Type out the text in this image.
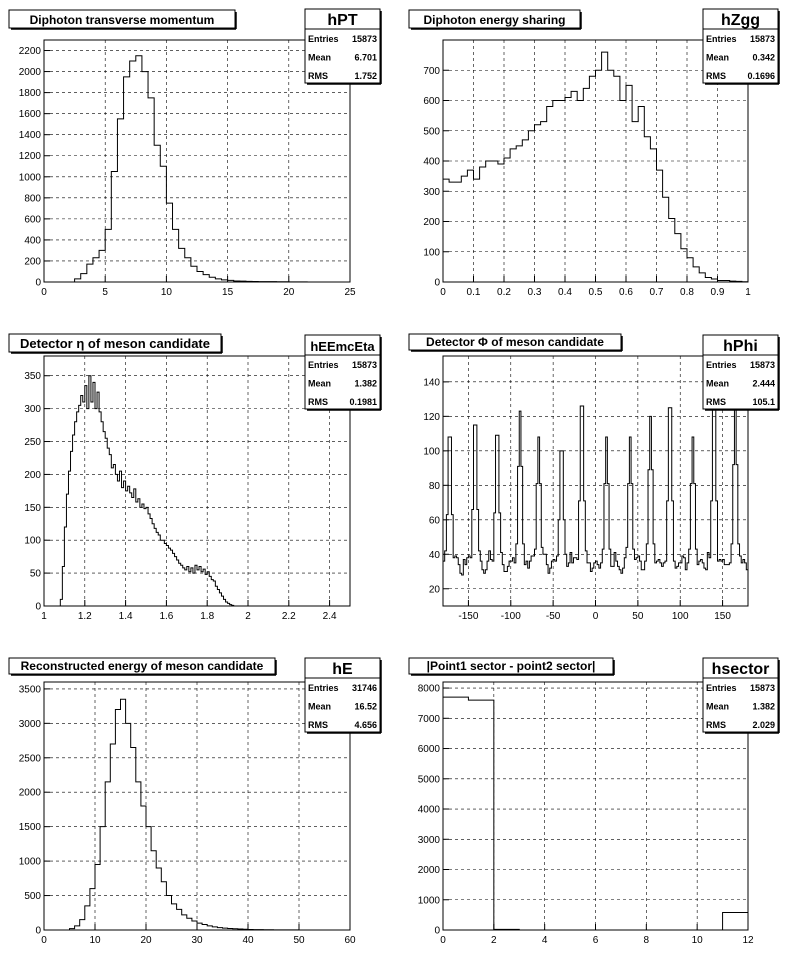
0	5	10	15	20	25
0
200
400
600
800
1000
1200
1400
1600
1800
2000
2200
Diphoton transverse momentum	hPT
Entries 15873
Mean	6.701
RMS	1.752
0 0.1 0.2 0.3 0.4 0.5 0.6 0.7 0.8 0.9 1
0
100
200
300
400
500
600
700
Diphoton energy sharing	hZgg
Entries 15873
Mean	0.342
RMS 0.1696
1	1.2	1.4	1.6	1.8	2	2.2	2.4
0
50
100
150
200
250
300
350
Detector η of meson candidate	hEEmcEta
Entries 15873
Mean	1.382
RMS 0.1981
-150 -100	-50	0	50	100	150
20
40
60
80
100
120
140
Detector Φ of meson candidate	hPhi
Entries 15873
Mean	2.444
RMS	105.1
0	10	20	30	40	50	60
0
500
1000
1500
2000
2500
3000
3500
Reconstructed energy of meson candidate	hE
Entries 31746
Mean	16.52
RMS	4.656
0	2	4	6	8	10	12
0
1000
2000
3000
4000
5000
6000
7000
8000
|Point1 sector - point2 sector|	hsector
Entries 15873
Mean	1.382
RMS	2.029
